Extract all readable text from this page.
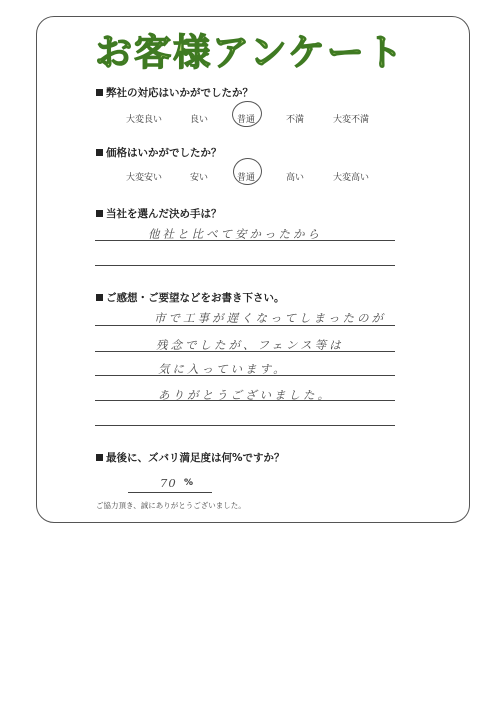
お客様アンケート
弊社の対応はいかがでしたか？
大変良い	良い	普通	不満	大変不満
価格はいかがでしたか？
大変安い	安い	普通	高い	大変高い
当社を選んだ決め手は？
他社と比べて安かったから
ご感想・ご要望などをお書き下さい。
市で工事が遅くなってしまったのが
残念でしたが、フェンス等は
気に入っています。
ありがとうございました。
最後に、ズバリ満足度は何%ですか？
70 %
ご協力頂き、誠にありがとうございました。
